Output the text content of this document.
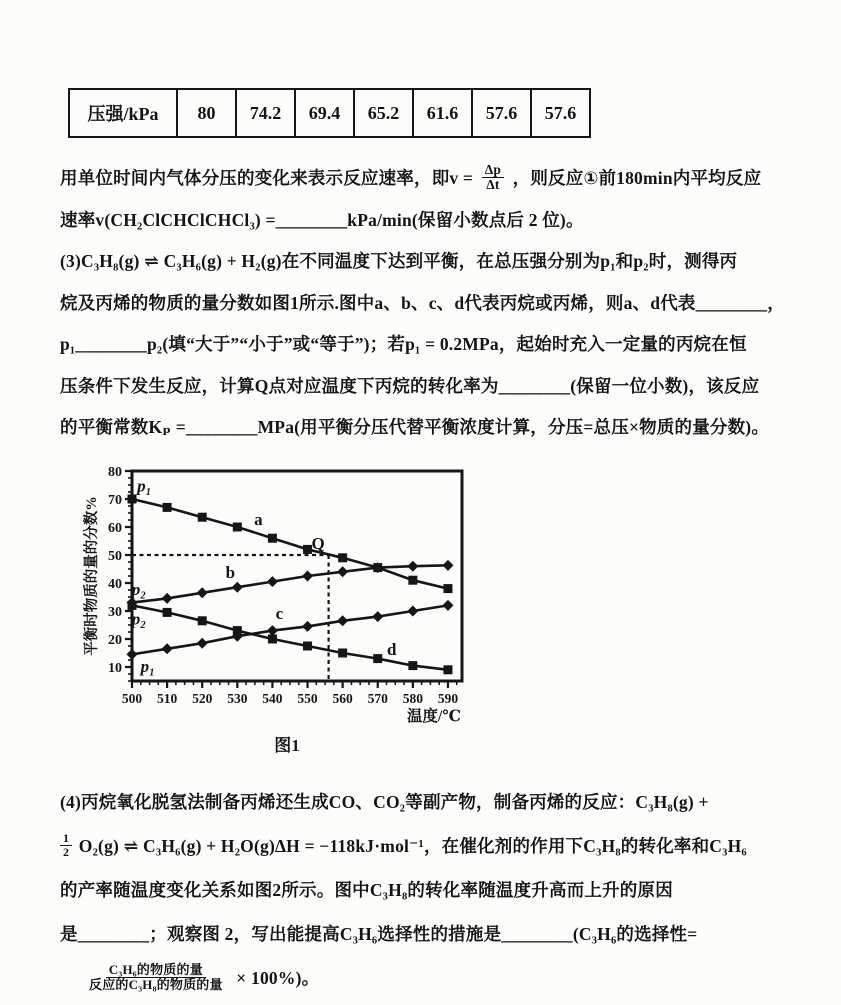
压强/kPa	80	74.2	69.4	65.2	61.6	57.6	57.6

用单位时间内气体分压的变化来表示反应速率，即$v = \frac{\Delta p}{\Delta t}$ ，则反应①前180min内平均反应

速率v(CH₂ClCHClCHCl₃) =________kPa/min(保留小数点后 2 位)。

(3)C₃H₈(g) ⇌ C₃H₆(g) + H₂(g)在不同温度下达到平衡，在总压强分别为p₁和p₂时，测得丙

烷及丙烯的物质的量分数如图1所示.图中a、b、c、d代表丙烷或丙烯，则a、d代表________，

p₁________p₂(填“大于”“小于”或“等于”)；若p₁ = 0.2MPa，起始时充入一定量的丙烷在恒

压条件下发生反应，计算Q点对应温度下丙烷的转化率为________(保留一位小数)，该反应

的平衡常数Kₚ =________MPa(用平衡分压代替平衡浓度计算，分压=总压×物质的量分数)。

500 510 520 530 540 550 560 570 580 590
10
20
30
40
50
60
70
80
p₁
a
Q
p₂
b
p₂	c
p₁
d
平衡时物质的量的分数%
温度/℃
图1

(4)丙烷氧化脱氢法制备丙烯还生成CO、CO₂等副产物，制备丙烯的反应：C₃H₈(g) +

$\frac{1}{2} O_2(g)$ ⇌ C₃H₆(g) + H₂O(g)ΔH = −118kJ·mol⁻¹，在催化剂的作用下C₃H₈的转化率和C₃H₆

的产率随温度变化关系如图2所示。图中C₃H₈的转化率随温度升高而上升的原因

是________；观察图 2，写出能提高C₃H₆选择性的措施是________(C₃H₆的选择性=

$\frac{\text{C₃H₆的物质的量}}{\text{反应的C₃H₈的物质的量}} \times 100\%$)。
